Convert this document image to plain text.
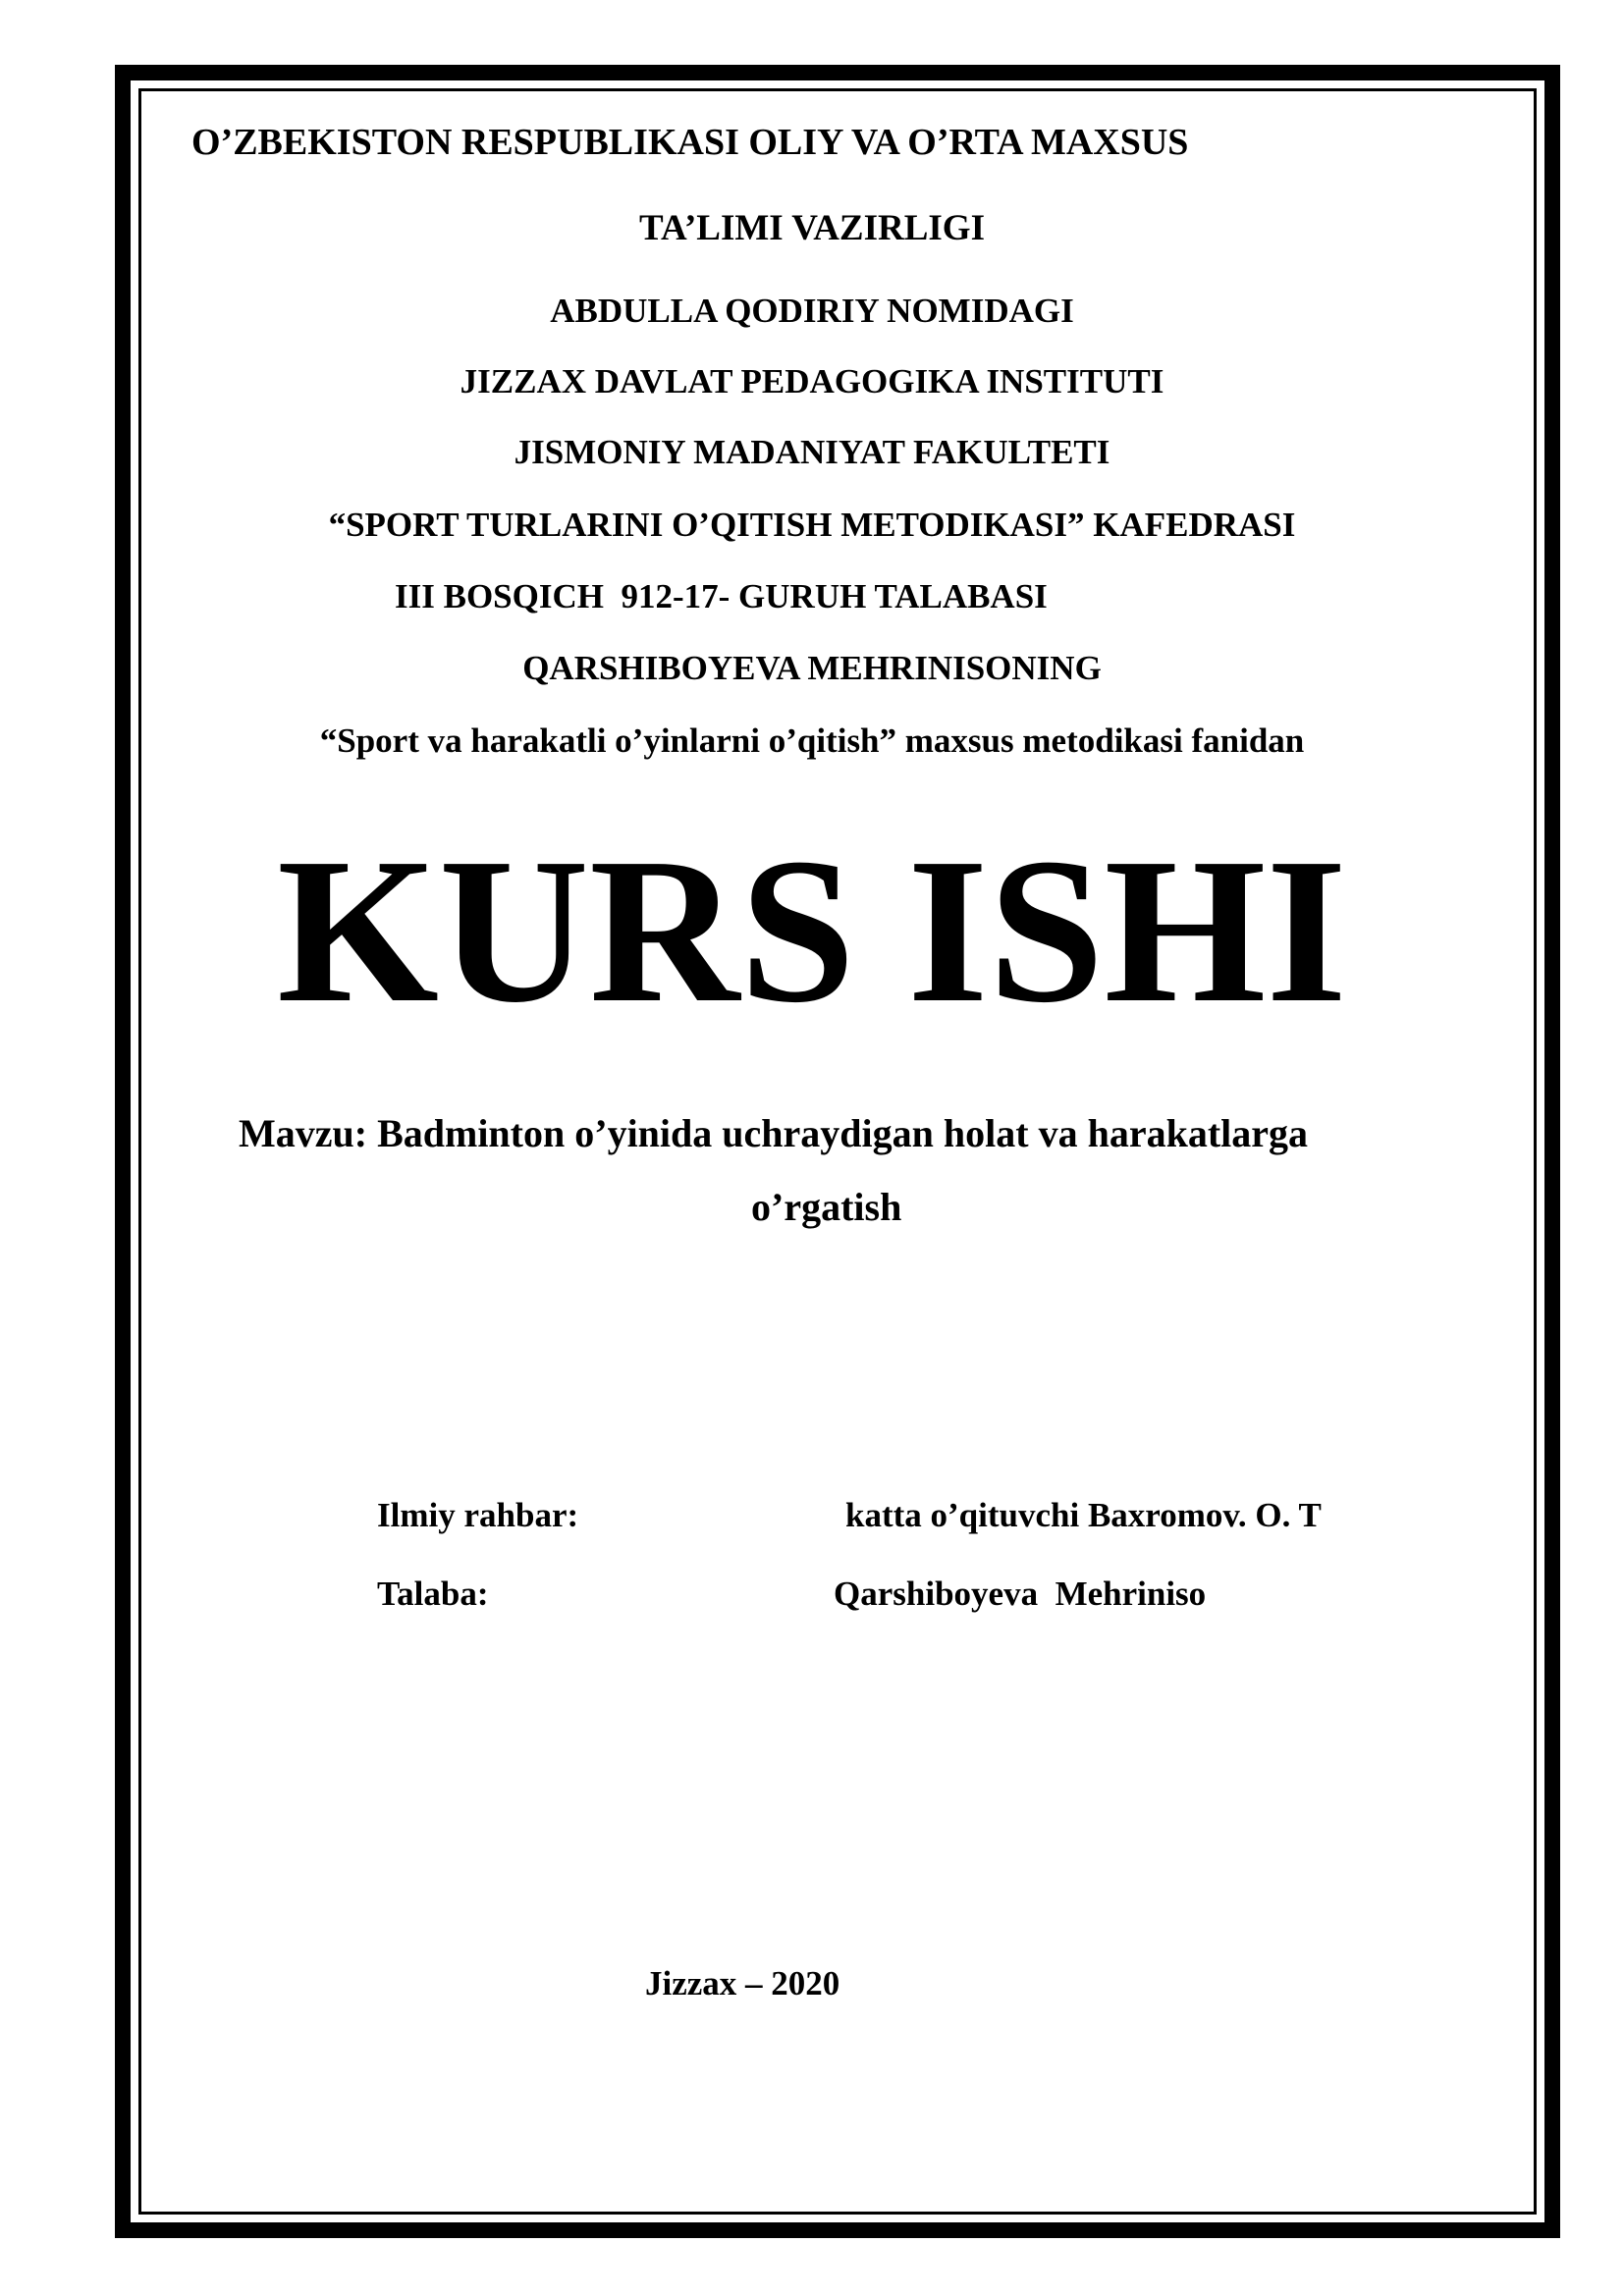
O’ZBEKISTON RESPUBLIKASI OLIY VA O’RTA MAXSUS
TA’LIMI VAZIRLIGI
ABDULLA QODIRIY NOMIDAGI
JIZZAX DAVLAT PEDAGOGIKA INSTITUTI
JISMONIY MADANIYAT FAKULTETI
“SPORT TURLARINI O’QITISH METODIKASI” KAFEDRASI
III BOSQICH  912-17- GURUH TALABASI
QARSHIBOYEVA MEHRINISONING
“Sport va harakatli o’yinlarni o’qitish” maxsus metodikasi fanidan
KURS ISHI
Mavzu: Badminton o’yinida uchraydigan holat va harakatlarga
o’rgatish
Ilmiy rahbar:	katta o’qituvchi Baxromov. O. T
Talaba:	Qarshiboyeva  Mehriniso
Jizzax – 2020
